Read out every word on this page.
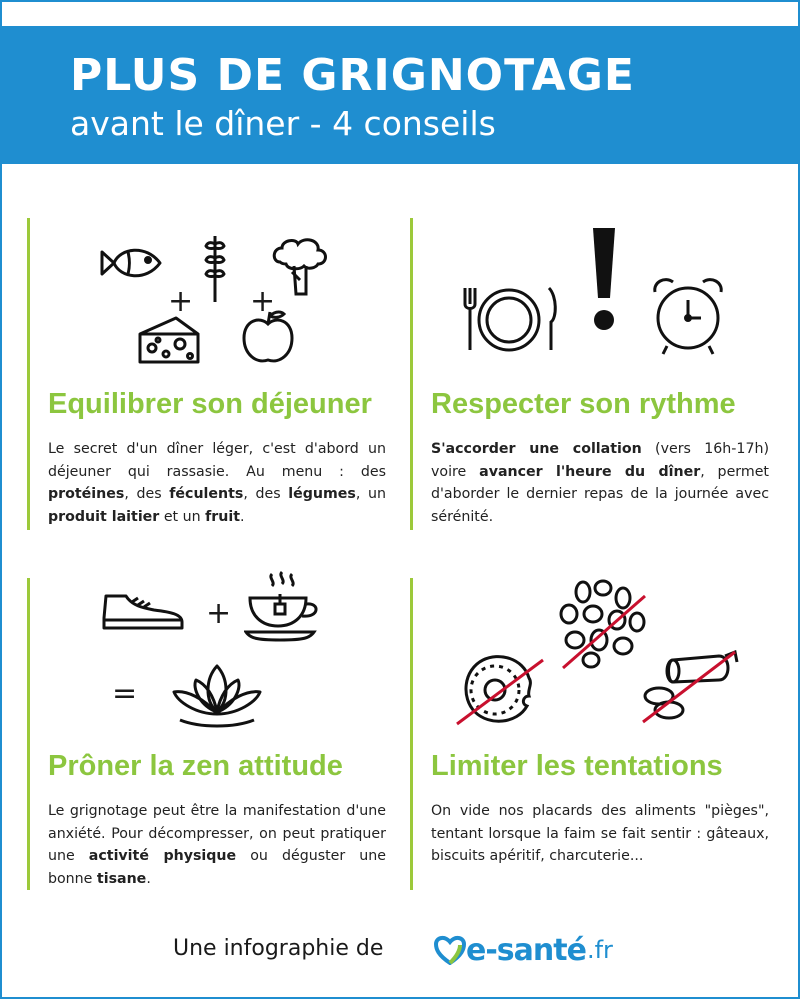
PLUS DE GRIGNOTAGE
avant le dîner - 4 conseils
+ +
Equilibrer son déjeuner
Le secret d'un dîner léger, c'est d'abord un déjeuner qui rassasie. Au menu : des protéines, des féculents, des légumes, un produit laitier et un fruit.
Respecter son rythme
S'accorder une collation (vers 16h-17h) voire avancer l'heure du dîner, permet d'aborder le dernier repas de la journée avec sérénité.
+
=
Prôner la zen attitude
Le grignotage peut être la manifestation d'une anxiété. Pour décompresser, on peut pratiquer une activité physique ou déguster une bonne tisane.
Limiter les tentations
On vide nos placards des aliments "pièges", tentant lorsque la faim se fait sentir : gâteaux, biscuits apéritif, charcuterie...
Une infographie de	e-santé .fr
